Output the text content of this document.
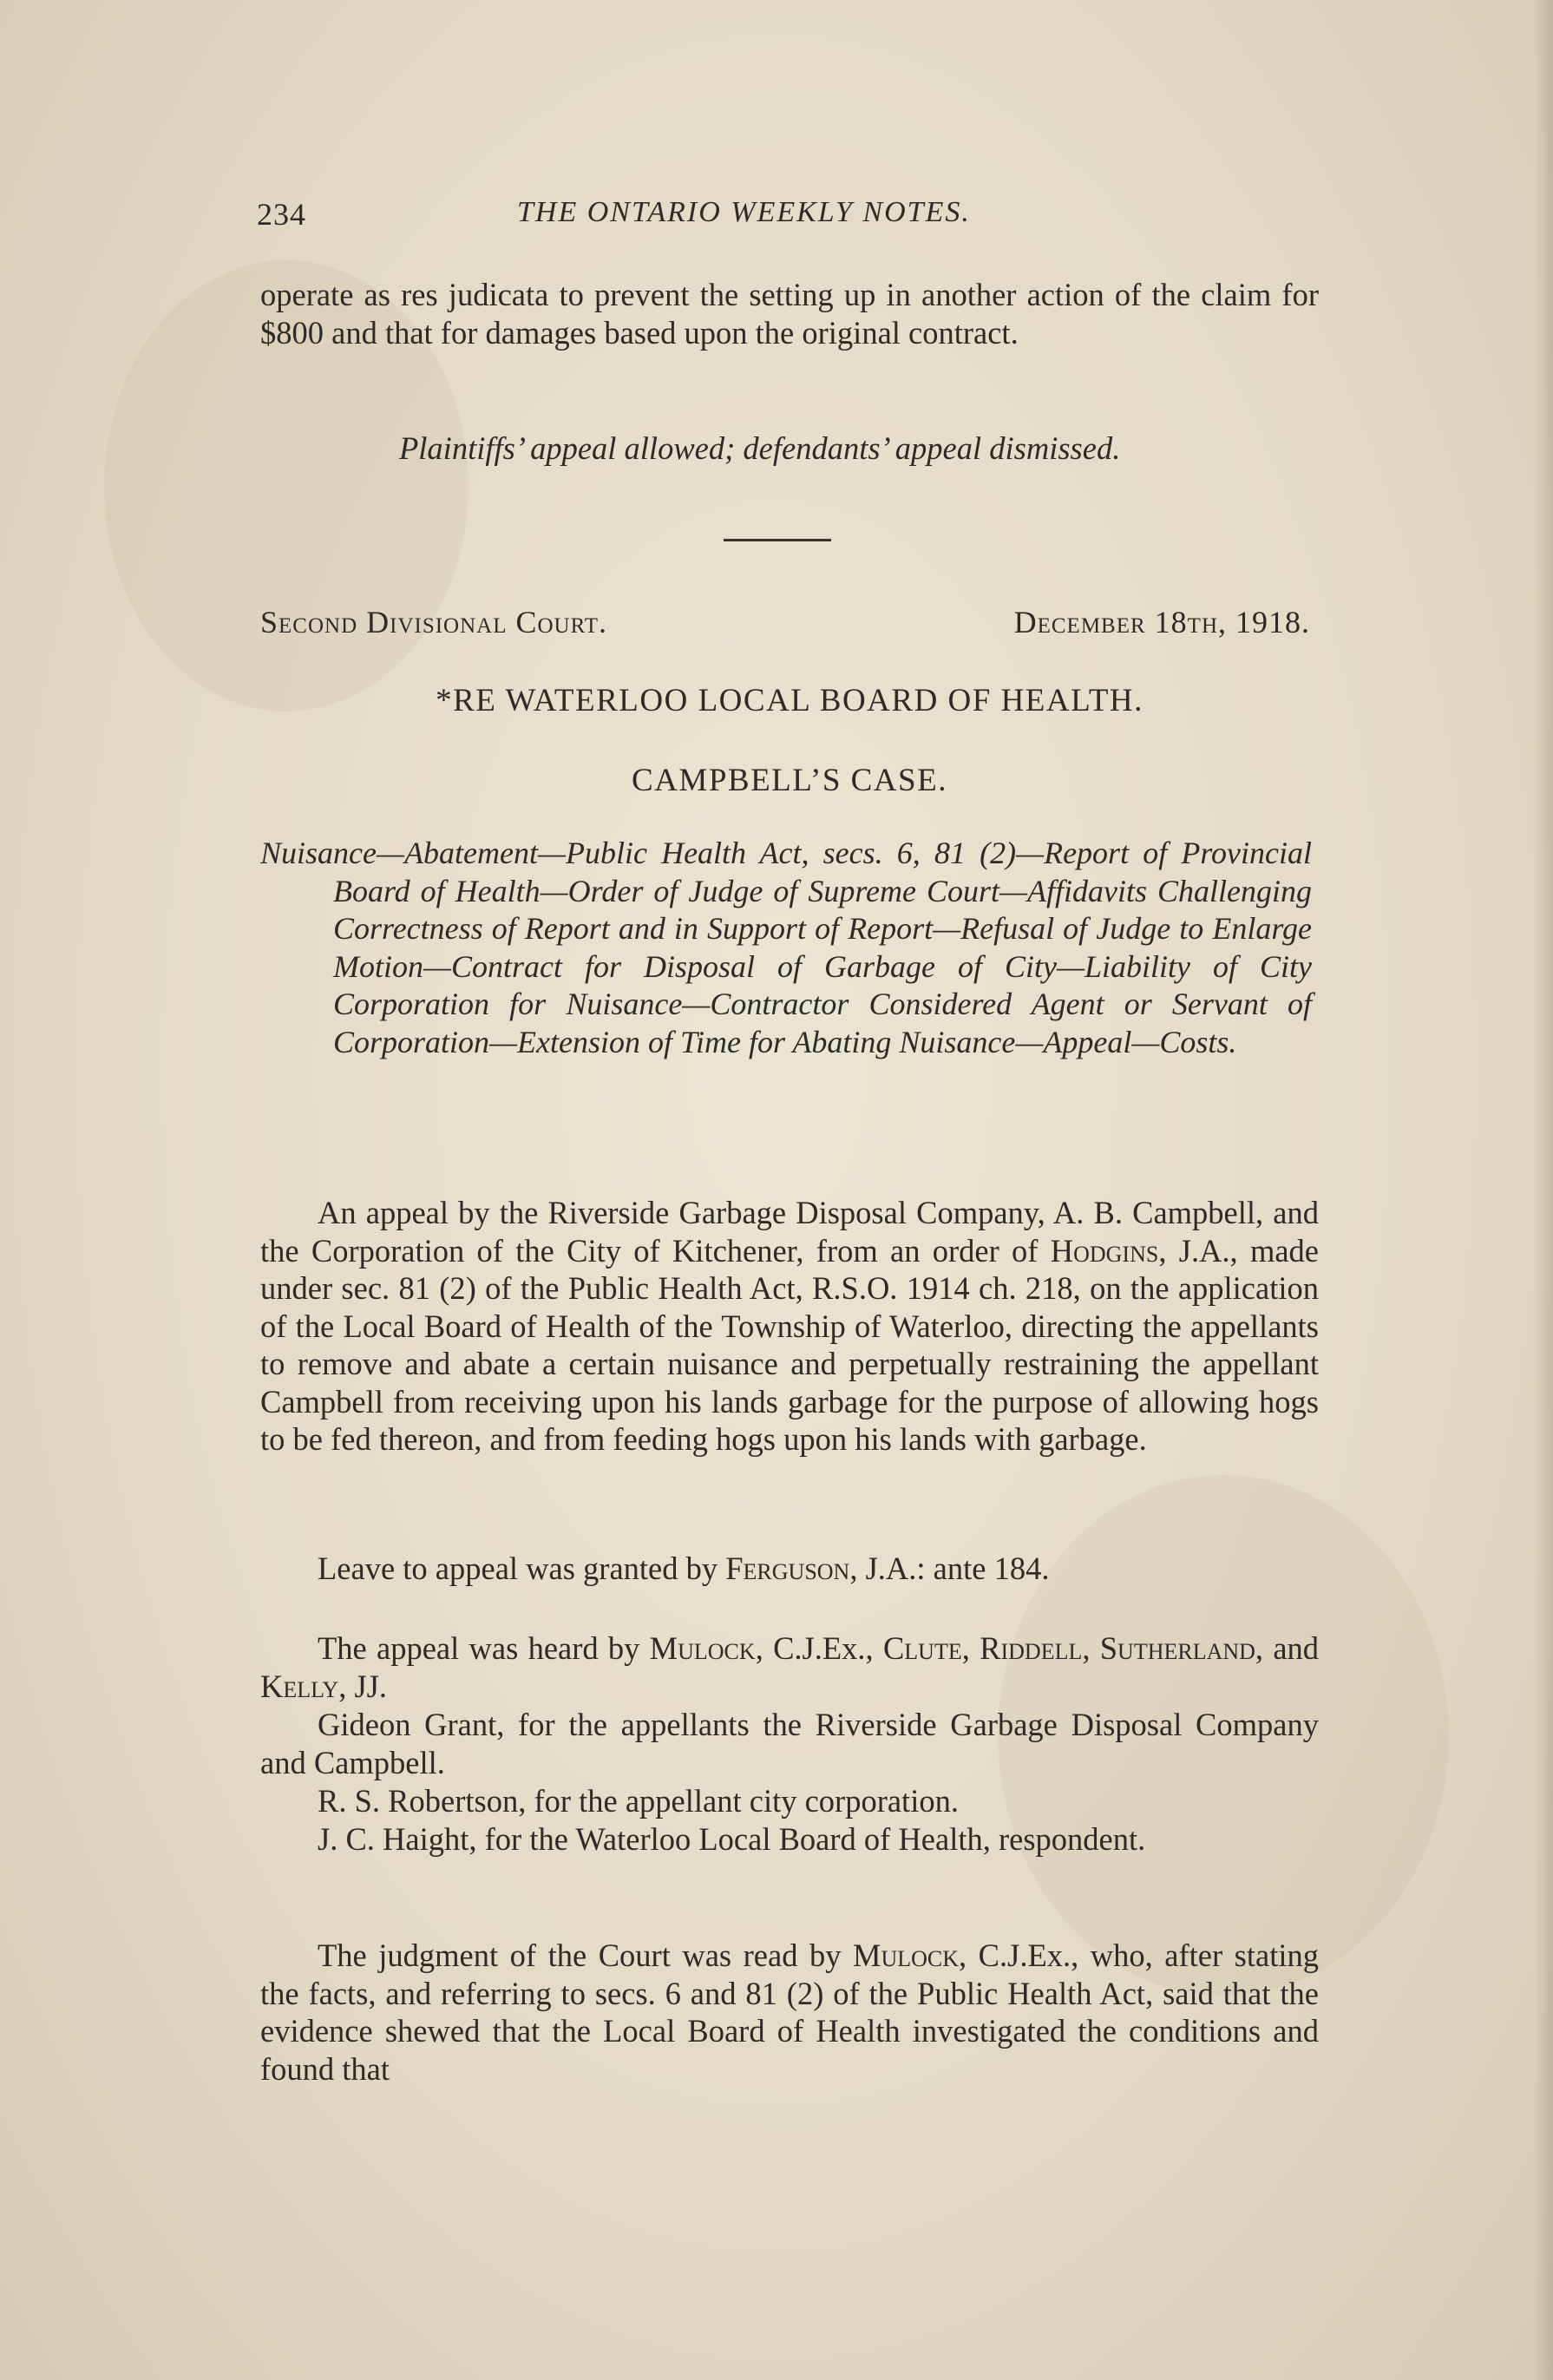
234	THE ONTARIO WEEKLY NOTES.
operate as res judicata to prevent the setting up in another action of the claim for $800 and that for damages based upon the original contract.
Plaintiffs’ appeal allowed; defendants’ appeal dismissed.
Second Divisional Court.	December 18th, 1918.
*RE WATERLOO LOCAL BOARD OF HEALTH.
CAMPBELL’S CASE.
Nuisance—Abatement—Public Health Act, secs. 6, 81 (2)—Report of Provincial Board of Health—Order of Judge of Supreme Court—Affidavits Challenging Correctness of Report and in Support of Report—Refusal of Judge to Enlarge Motion—Contract for Disposal of Garbage of City—Liability of City Corporation for Nuisance—Contractor Considered Agent or Servant of Corporation—Extension of Time for Abating Nuisance—Appeal—Costs.
An appeal by the Riverside Garbage Disposal Company, A. B. Campbell, and the Corporation of the City of Kitchener, from an order of Hodgins, J.A., made under sec. 81 (2) of the Public Health Act, R.S.O. 1914 ch. 218, on the application of the Local Board of Health of the Township of Waterloo, directing the appellants to remove and abate a certain nuisance and perpetually restraining the appellant Campbell from receiving upon his lands garbage for the purpose of allowing hogs to be fed thereon, and from feeding hogs upon his lands with garbage.
Leave to appeal was granted by Ferguson, J.A.: ante 184.
The appeal was heard by Mulock, C.J.Ex., Clute, Riddell, Sutherland, and Kelly, JJ.
Gideon Grant, for the appellants the Riverside Garbage Disposal Company and Campbell.
R. S. Robertson, for the appellant city corporation.
J. C. Haight, for the Waterloo Local Board of Health, respondent.
The judgment of the Court was read by Mulock, C.J.Ex., who, after stating the facts, and referring to secs. 6 and 81 (2) of the Public Health Act, said that the evidence shewed that the Local Board of Health investigated the conditions and found that
